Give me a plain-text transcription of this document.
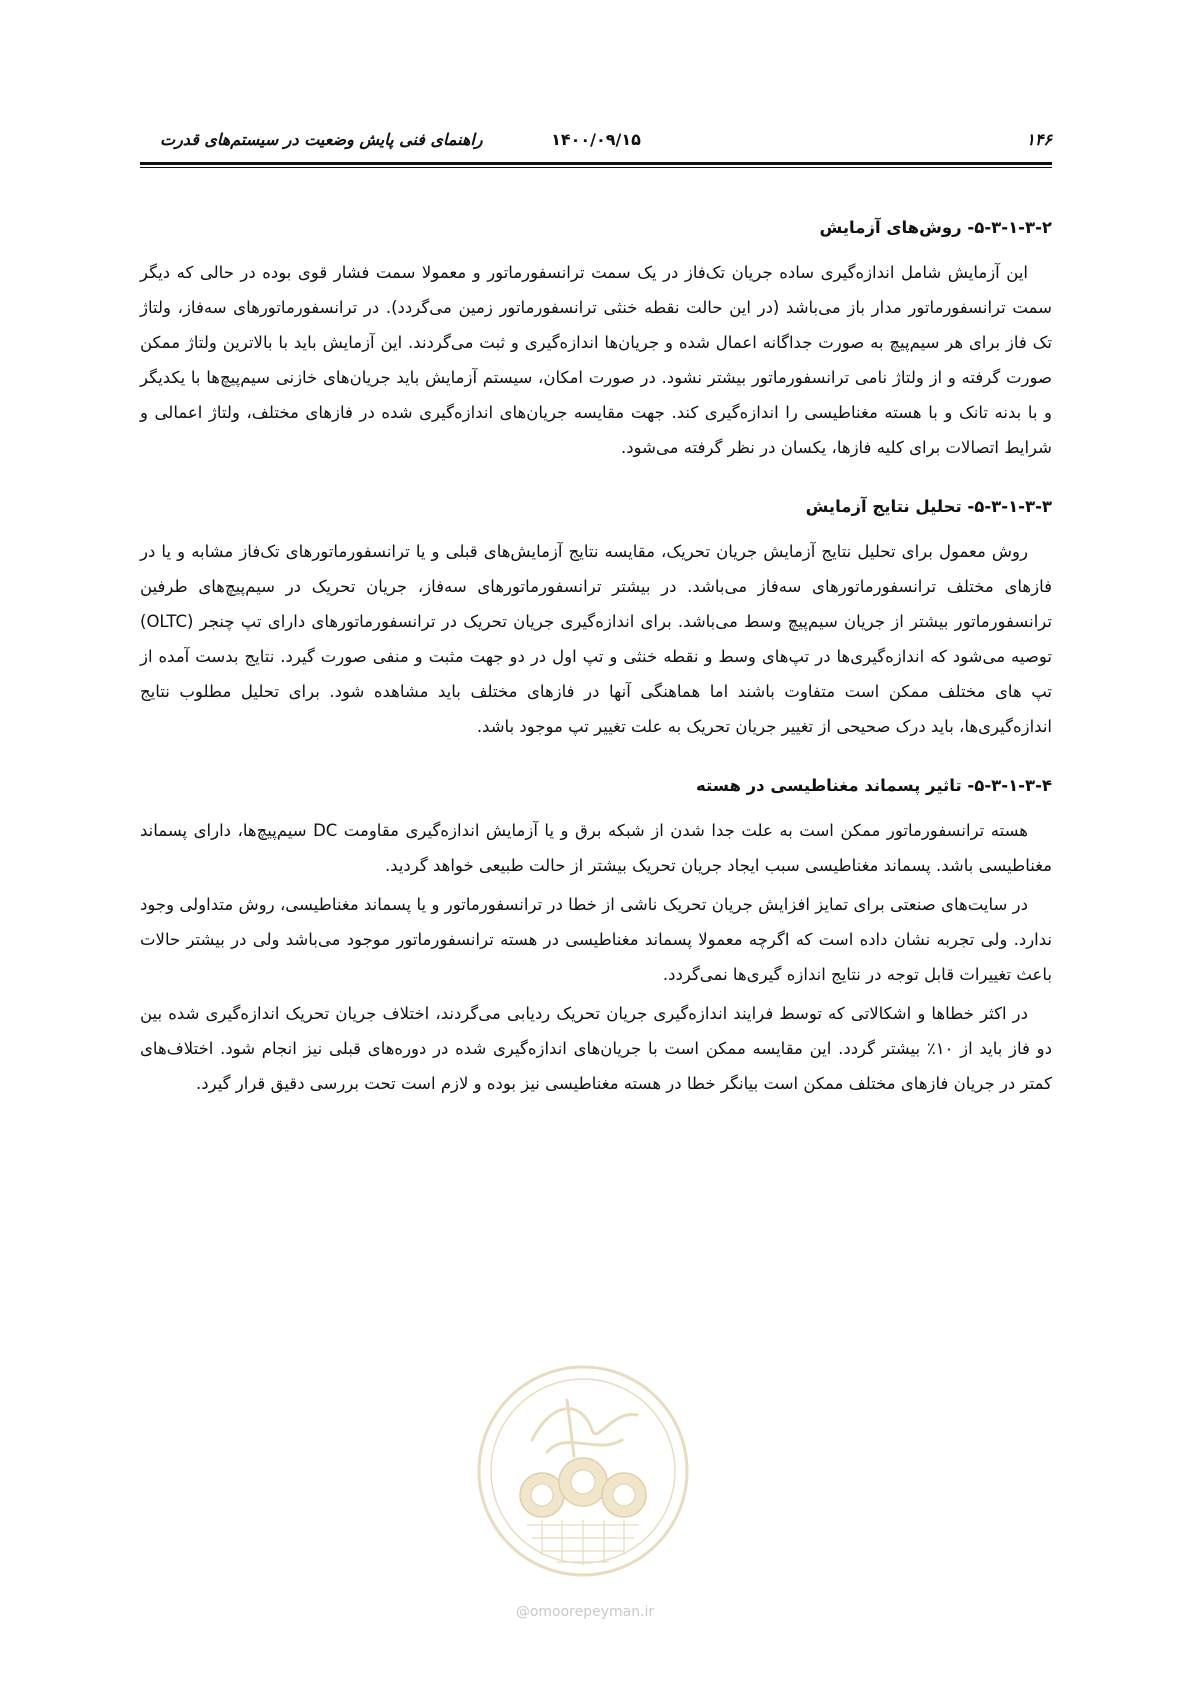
۱۴۶
۱۴۰۰/۰۹/۱۵
راهنمای فنی پایش وضعیت در سیستم‌های قدرت
۵-۳-۱-۳-۲- روش‌های آزمایش

این آزمایش شامل اندازه‌گیری ساده جریان تک‌فاز در یک سمت ترانسفورماتور و معمولا سمت فشار قوی بوده در حالی که دیگر سمت ترانسفورماتور مدار باز می‌باشد (در این حالت نقطه خنثی ترانسفورماتور زمین می‌گردد). در ترانسفورماتورهای سه‌فاز، ولتاژ تک فاز برای هر سیم‌پیچ به صورت جداگانه اعمال شده و جریان‌ها اندازه‌گیری و ثبت می‌گردند. این آزمایش باید با بالاترین ولتاژ ممکن صورت گرفته و از ولتاژ نامی ترانسفورماتور بیشتر نشود. در صورت امکان، سیستم آزمایش باید جریان‌های خازنی سیم‌پیچ‌ها با یکدیگر و با بدنه تانک و با هسته مغناطیسی را اندازه‌گیری کند. جهت مقایسه جریان‌های اندازه‌گیری شده در فازهای مختلف، ولتاژ اعمالی و شرایط اتصالات برای کلیه فازها، یکسان در نظر گرفته می‌شود.

۵-۳-۱-۳-۳- تحلیل نتایج آزمایش

روش معمول برای تحلیل نتایج آزمایش جریان تحریک، مقایسه نتایج آزمایش‌های قبلی و یا ترانسفورماتورهای تک‌فاز مشابه و یا در فازهای مختلف ترانسفورماتورهای سه‌فاز می‌باشد. در بیشتر ترانسفورماتورهای سه‌فاز، جریان تحریک در سیم‌پیچ‌های طرفین ترانسفورماتور بیشتر از جریان سیم‌پیچ وسط می‌باشد. برای اندازه‌گیری جریان تحریک در ترانسفورماتورهای دارای تپ چنجر (OLTC) توصیه می‌شود که اندازه‌گیری‌ها در تپ‌های وسط و نقطه خنثی و تپ اول در دو جهت مثبت و منفی صورت گیرد. نتایج بدست آمده از تپ های مختلف ممکن است متفاوت باشند اما هماهنگی آنها در فازهای مختلف باید مشاهده شود. برای تحلیل مطلوب نتایج اندازه‌گیری‌ها، باید درک صحیحی از تغییر جریان تحریک به علت تغییر تپ موجود باشد.

۵-۳-۱-۳-۴- تاثیر پسماند مغناطیسی در هسته

هسته ترانسفورماتور ممکن است به علت جدا شدن از شبکه برق و یا آزمایش اندازه‌گیری مقاومت DC سیم‌پیچ‌ها، دارای پسماند مغناطیسی باشد. پسماند مغناطیسی سبب ایجاد جریان تحریک بیشتر از حالت طبیعی خواهد گردید.

در سایت‌های صنعتی برای تمایز افزایش جریان تحریک ناشی از خطا در ترانسفورماتور و یا پسماند مغناطیسی، روش متداولی وجود ندارد. ولی تجربه نشان داده است که اگرچه معمولا پسماند مغناطیسی در هسته ترانسفورماتور موجود می‌باشد ولی در بیشتر حالات باعث تغییرات قابل توجه در نتایج اندازه گیری‌ها نمی‌گردد.

در اکثر خطاها و اشکالاتی که توسط فرایند اندازه‌گیری جریان تحریک ردیابی می‌گردند، اختلاف جریان تحریک اندازه‌گیری شده بین دو فاز باید از ۱۰٪ بیشتر گردد. این مقایسه ممکن است با جریان‌های اندازه‌گیری شده در دوره‌های قبلی نیز انجام شود. اختلاف‌های کمتر در جریان فازهای مختلف ممکن است بیانگر خطا در هسته مغناطیسی نیز بوده و لازم است تحت بررسی دقیق قرار گیرد.

@omoorepeyman.ir
